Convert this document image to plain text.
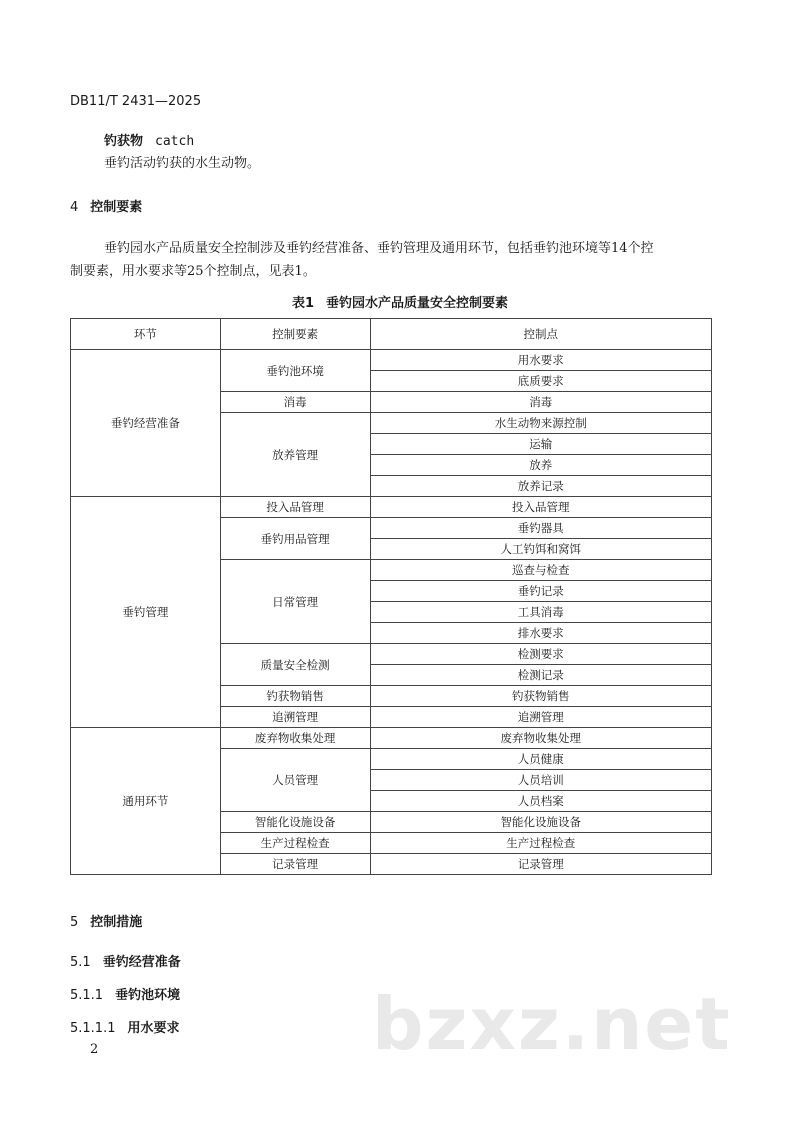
DB11/T 2431—2025
钓获物 catch
垂钓活动钓获的水生动物。
4 控制要素
垂钓园水产品质量安全控制涉及垂钓经营准备、垂钓管理及通用环节，包括垂钓池环境等14个控
制要素，用水要求等25个控制点，见表1。
表1 垂钓园水产品质量安全控制要素
环节	控制要素	控制点
垂钓经营准备	垂钓池环境	用水要求
		底质要求
	消毒	消毒
	放养管理	水生动物来源控制
		运输
		放养
		放养记录
垂钓管理	投入品管理	投入品管理
	垂钓用品管理	垂钓器具
		人工钓饵和窝饵
	日常管理	巡查与检查
		垂钓记录
		工具消毒
		排水要求
	质量安全检测	检测要求
		检测记录
	钓获物销售	钓获物销售
	追溯管理	追溯管理
通用环节	废弃物收集处理	废弃物收集处理
	人员管理	人员健康
		人员培训
		人员档案
	智能化设施设备	智能化设施设备
	生产过程检查	生产过程检查
	记录管理	记录管理
5 控制措施
5.1 垂钓经营准备
5.1.1 垂钓池环境
5.1.1.1 用水要求	bzxz.net
2
